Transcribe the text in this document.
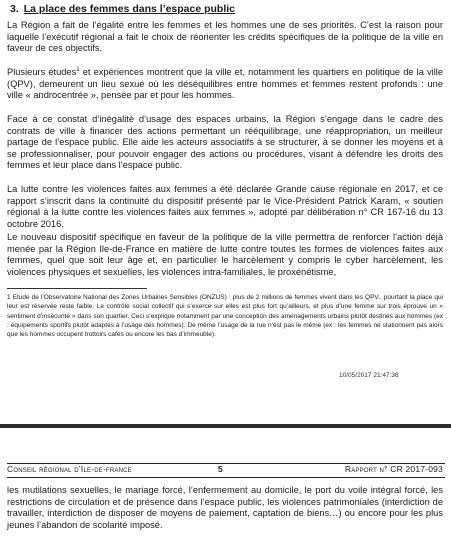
3. La place des femmes dans l’espace public

La Région a fait de l’égalité entre les femmes et les hommes une de ses priorités. C’est la raison pour laquelle l’exécutif régional a fait le choix de réorienter les crédits spécifiques de la politique de la ville en faveur de ces objectifs.

Plusieurs études$^1$ et expériences montrent que la ville et, notamment les quartiers en politique de la ville (QPV), demeurent un lieu sexué où les déséquilibres entre hommes et femmes restent profonds : une ville « androcentrée », pensée par et pour les hommes.

Face à ce constat d’inégalité d’usage des espaces urbains, la Région s’engage dans le cadre des contrats de ville à financer des actions permettant un rééquilibrage, une réappropriation, un meilleur partage de l’espace public. Elle aide les acteurs associatifs à se structurer, à se donner les moyens et à se professionnaliser, pour pouvoir engager des actions ou procédures, visant à défendre les droits des femmes et leur place dans l’espace public.

La lutte contre les violences faites aux femmes a été déclarée Grande cause régionale en 2017, et ce rapport s’inscrit dans la continuité du dispositif présenté par le Vice-Président Patrick Karam, « soutien régional à la lutte contre les violences faites aux femmes », adopté par délibération n° CR 167-16 du 13 octobre 2016.

Le nouveau dispositif spécifique en faveur de la politique de la ville permettra de renforcer l’action déjà menée par la Région Ile-de-France en matière de lutte contre toutes les formes de violences faites aux femmes, quel que soit leur âge et, en particulier le harcèlement y compris le cyber harcèlement, les violences physiques et sexuelles, les violences intra-familiales, le proxénétisme,

1 Etude de l’Observatoire National des Zones Urbaines Sensibles (ONZUS) : plus de 2 millions de femmes vivent dans les QPV., pourtant la place qui leur est réservée reste faible. Le contrôle social collectif qui s’exerce sur elles est plus fort qu’ailleurs, et plus d’une femme sur trois éprouve un « sentiment d’insécurité » dans son quartier. Ceci s’explique notamment par une conception des aménagements urbains plutôt destinés aux hommes (ex : équipements sportifs plutôt adaptés à l’usage des hommes). De même l’usage de la rue n’est pas le même (ex : les femmes ne stationnent pas alors que les hommes occupent trottoirs cafés ou encore les bas d’immeuble).

10/05/2017 21:47:36
Conseil régional d’Ile-de-france	5	Rapport n° CR 2017-093

les mutilations sexuelles, le mariage forcé, l’enfermement au domicile, le port du voile intégral forcé, les restrictions de circulation et de présence dans l’espace public, les violences patrimoniales (interdiction de travailler, interdiction de disposer de moyens de paiement, captation de biens…) ou encore pour les plus jeunes l’abandon de scolarité imposé.
